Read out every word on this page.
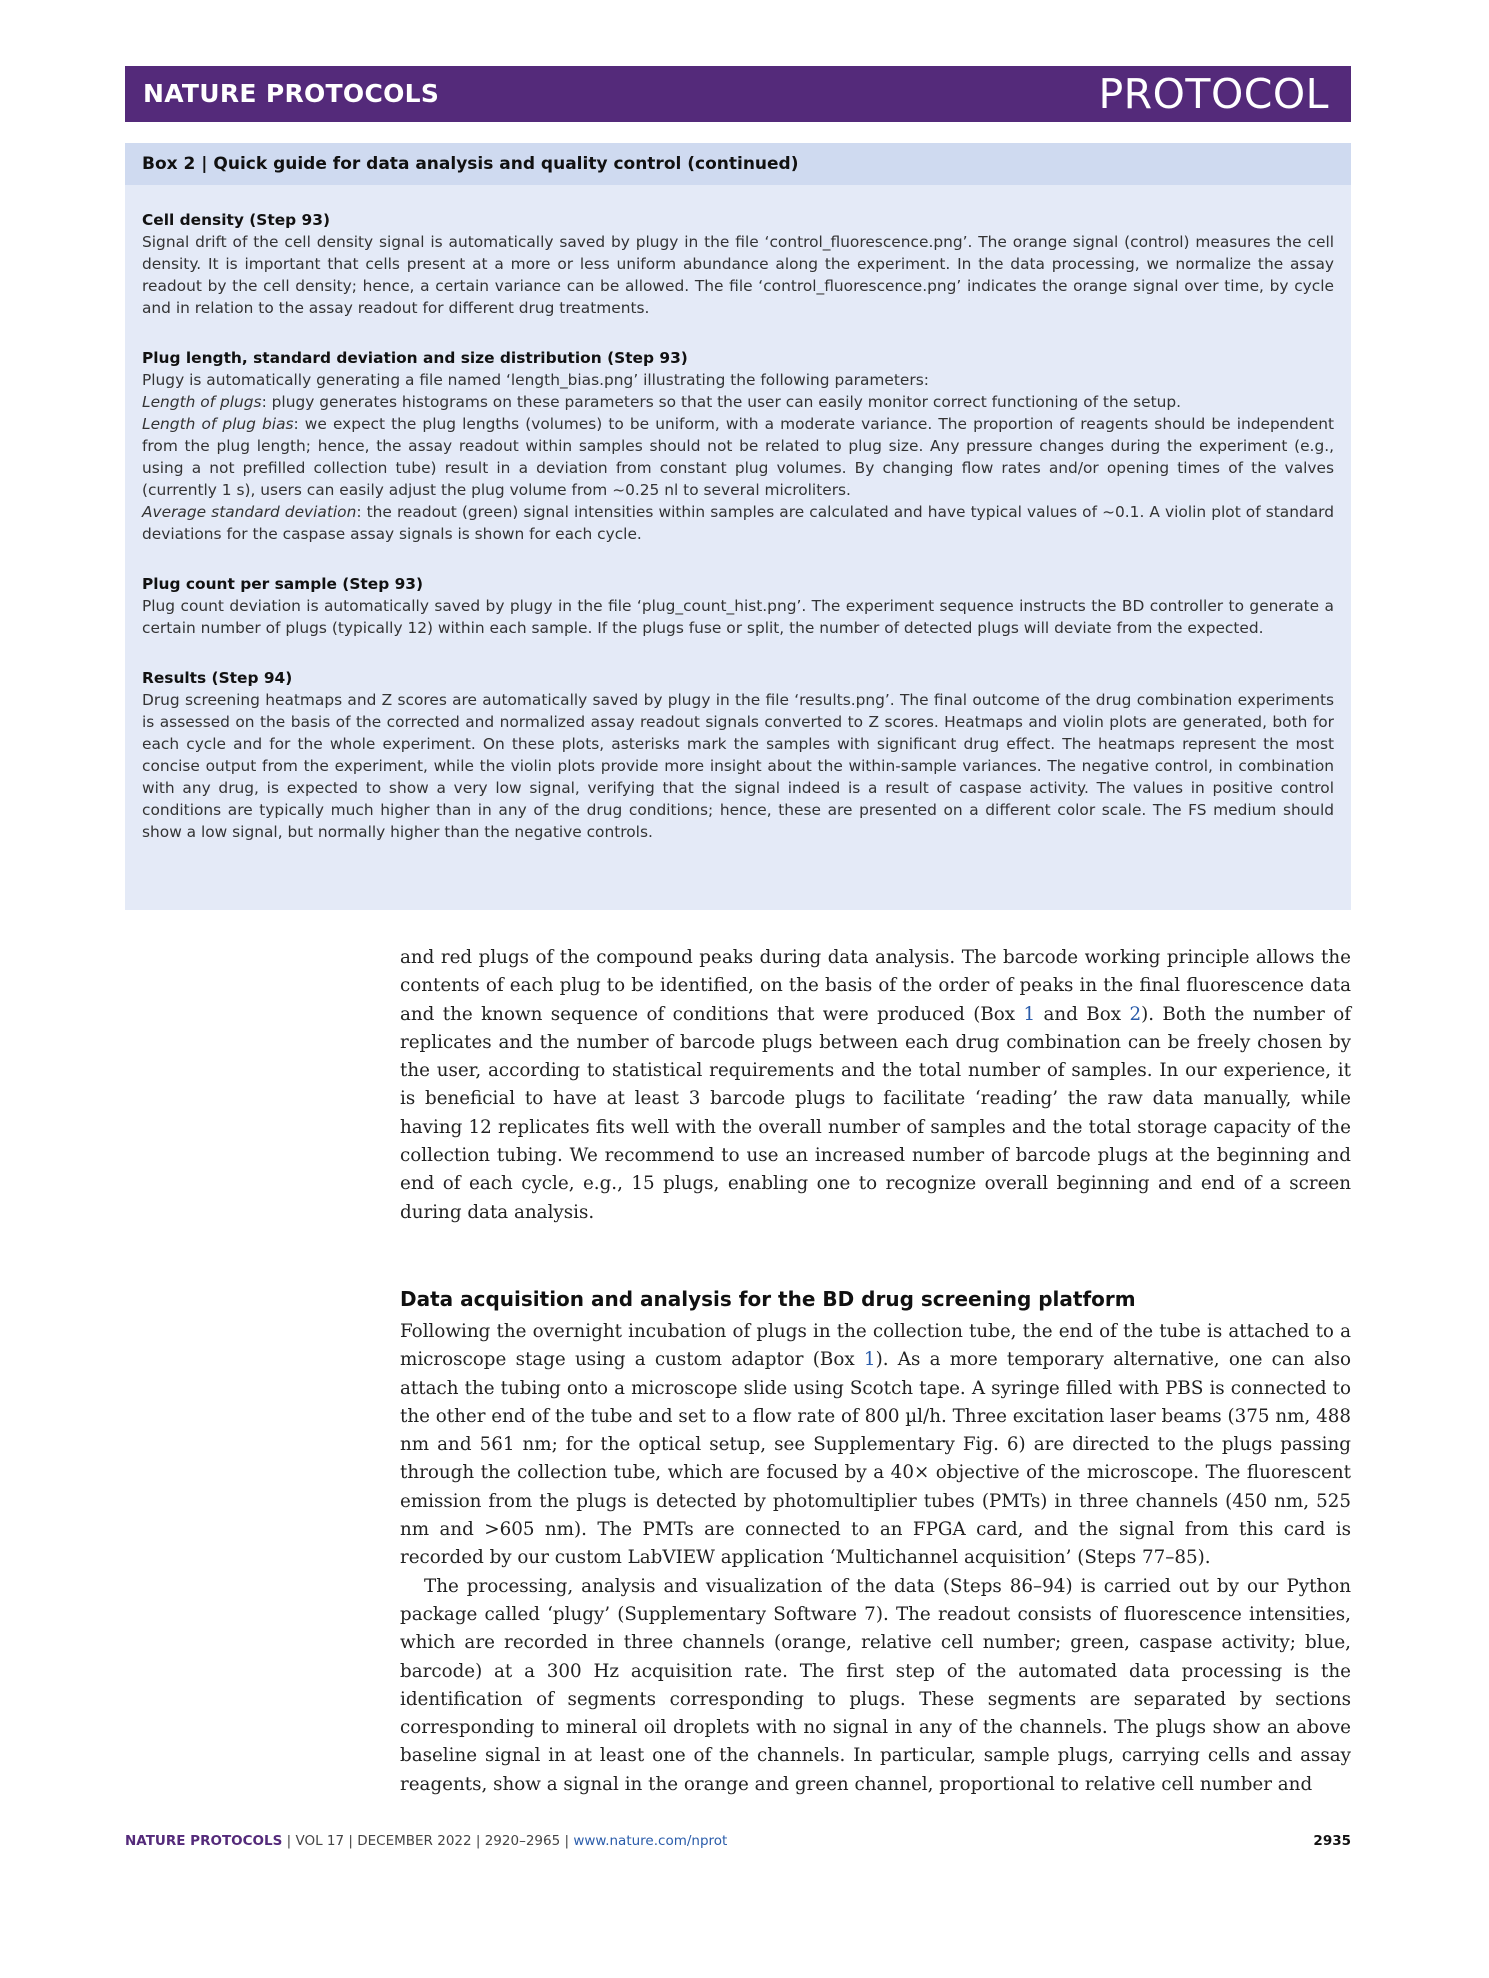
NATURE PROTOCOLS	PROTOCOL
Box 2 | Quick guide for data analysis and quality control (continued)
Cell density (Step 93)

Signal drift of the cell density signal is automatically saved by plugy in the file ‘control_fluorescence.png’. The orange signal (control) measures the cell density. It is important that cells present at a more or less uniform abundance along the experiment. In the data processing, we normalize the assay readout by the cell density; hence, a certain variance can be allowed. The file ‘control_fluorescence.png’ indicates the orange signal over time, by cycle and in relation to the assay readout for different drug treatments.

Plug length, standard deviation and size distribution (Step 93)

Plugy is automatically generating a file named ‘length_bias.png’ illustrating the following parameters:

Length of plugs: plugy generates histograms on these parameters so that the user can easily monitor correct functioning of the setup.

Length of plug bias: we expect the plug lengths (volumes) to be uniform, with a moderate variance. The proportion of reagents should be independent from the plug length; hence, the assay readout within samples should not be related to plug size. Any pressure changes during the experiment (e.g., using a not prefilled collection tube) result in a deviation from constant plug volumes. By changing flow rates and/or opening times of the valves (currently 1 s), users can easily adjust the plug volume from ~0.25 nl to several microliters.

Average standard deviation: the readout (green) signal intensities within samples are calculated and have typical values of ~0.1. A violin plot of standard deviations for the caspase assay signals is shown for each cycle.

Plug count per sample (Step 93)

Plug count deviation is automatically saved by plugy in the file ‘plug_count_hist.png’. The experiment sequence instructs the BD controller to generate a certain number of plugs (typically 12) within each sample. If the plugs fuse or split, the number of detected plugs will deviate from the expected.

Results (Step 94)

Drug screening heatmaps and Z scores are automatically saved by plugy in the file ‘results.png’. The final outcome of the drug combination experiments is assessed on the basis of the corrected and normalized assay readout signals converted to Z scores. Heatmaps and violin plots are generated, both for each cycle and for the whole experiment. On these plots, asterisks mark the samples with significant drug effect. The heatmaps represent the most concise output from the experiment, while the violin plots provide more insight about the within-sample variances. The negative control, in combination with any drug, is expected to show a very low signal, verifying that the signal indeed is a result of caspase activity. The values in positive control conditions are typically much higher than in any of the drug conditions; hence, these are presented on a different color scale. The FS medium should show a low signal, but normally higher than the negative controls.

and red plugs of the compound peaks during data analysis. The barcode working principle allows the contents of each plug to be identified, on the basis of the order of peaks in the final fluorescence data and the known sequence of conditions that were produced (Box 1 and Box 2). Both the number of replicates and the number of barcode plugs between each drug combination can be freely chosen by the user, according to statistical requirements and the total number of samples. In our experience, it is beneficial to have at least 3 barcode plugs to facilitate ‘reading’ the raw data manually, while having 12 replicates fits well with the overall number of samples and the total storage capacity of the collection tubing. We recommend to use an increased number of barcode plugs at the beginning and end of each cycle, e.g., 15 plugs, enabling one to recognize overall beginning and end of a screen during data analysis.

Data acquisition and analysis for the BD drug screening platform

Following the overnight incubation of plugs in the collection tube, the end of the tube is attached to a microscope stage using a custom adaptor (Box 1). As a more temporary alternative, one can also attach the tubing onto a microscope slide using Scotch tape. A syringe filled with PBS is connected to the other end of the tube and set to a flow rate of 800 µl/h. Three excitation laser beams (375 nm, 488 nm and 561 nm; for the optical setup, see Supplementary Fig. 6) are directed to the plugs passing through the collection tube, which are focused by a 40× objective of the microscope. The fluorescent emission from the plugs is detected by photomultiplier tubes (PMTs) in three channels (450 nm, 525 nm and >605 nm). The PMTs are connected to an FPGA card, and the signal from this card is recorded by our custom LabVIEW application ‘Multichannel acquisition’ (Steps 77–85).

The processing, analysis and visualization of the data (Steps 86–94) is carried out by our Python package called ‘plugy’ (Supplementary Software 7). The readout consists of fluorescence intensities, which are recorded in three channels (orange, relative cell number; green, caspase activity; blue, barcode) at a 300 Hz acquisition rate. The first step of the automated data processing is the identification of segments corresponding to plugs. These segments are separated by sections corresponding to mineral oil droplets with no signal in any of the channels. The plugs show an above baseline signal in at least one of the channels. In particular, sample plugs, carrying cells and assay reagents, show a signal in the orange and green channel, proportional to relative cell number and

NATURE PROTOCOLS | VOL 17 | DECEMBER 2022 | 2920–2965 | www.nature.com/nprot	2935
